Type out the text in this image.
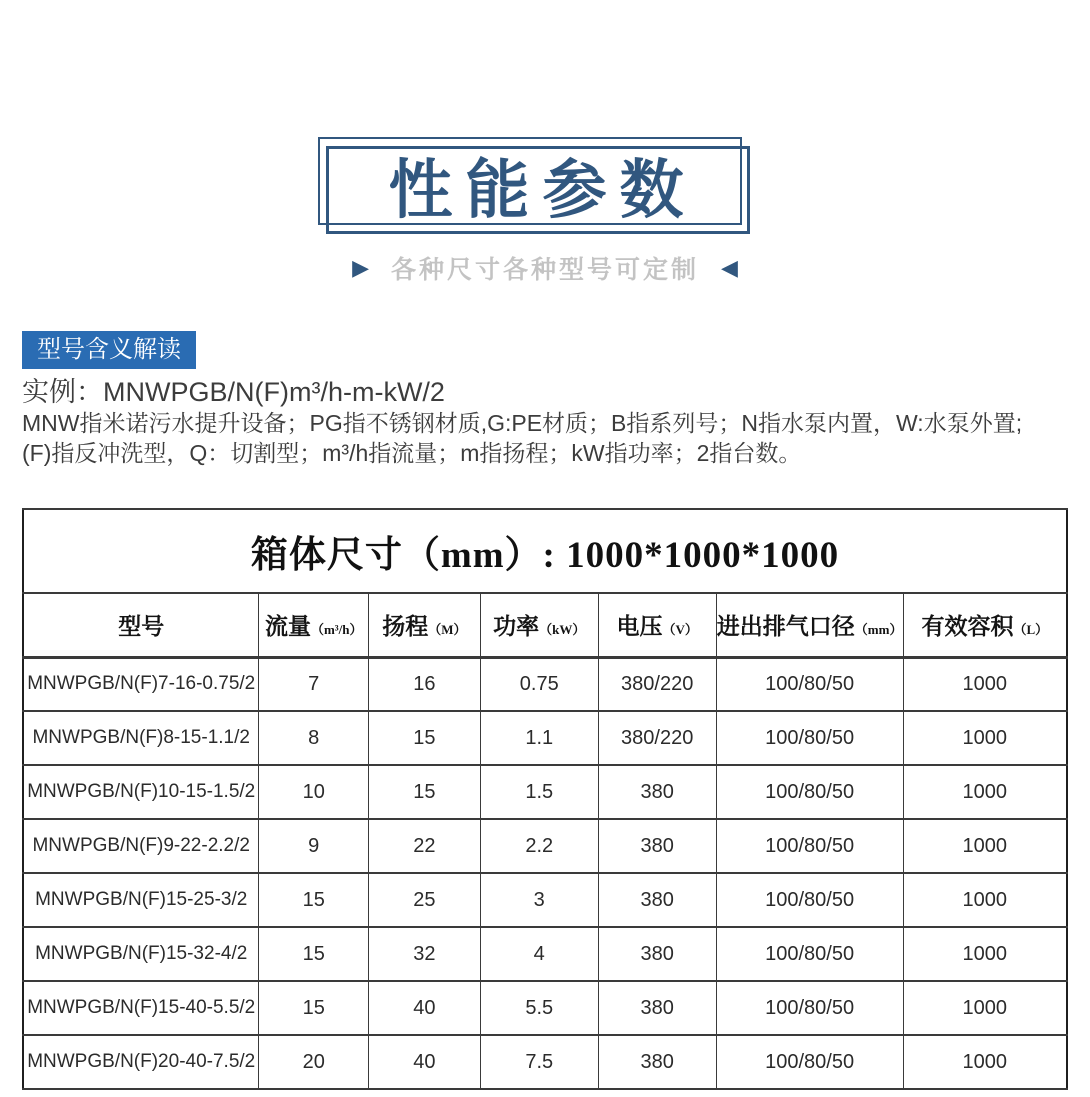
性能参数
▶ 各种尺寸各种型号可定制 ◀
型号含义解读
实例：MNWPGB/N(F)m³/h-m-kW/2
MNW指米诺污水提升设备；PG指不锈钢材质,G:PE材质；B指系列号；N指水泵内置，W:水泵外置;
(F)指反冲洗型，Q：切割型；m³/h指流量；m指扬程；kW指功率；2指台数。
箱体尺寸（mm）: 1000*1000*1000						
型号	流量（m³/h）	扬程（M）	功率（kW）	电压（V）	进出排气口径（mm）	有效容积（L）
MNWPGB/N(F)7-16-0.75/2	7	16	0.75	380/220	100/80/50	1000
MNWPGB/N(F)8-15-1.1/2	8	15	1.1	380/220	100/80/50	1000
MNWPGB/N(F)10-15-1.5/2	10	15	1.5	380	100/80/50	1000
MNWPGB/N(F)9-22-2.2/2	9	22	2.2	380	100/80/50	1000
MNWPGB/N(F)15-25-3/2	15	25	3	380	100/80/50	1000
MNWPGB/N(F)15-32-4/2	15	32	4	380	100/80/50	1000
MNWPGB/N(F)15-40-5.5/2	15	40	5.5	380	100/80/50	1000
MNWPGB/N(F)20-40-7.5/2	20	40	7.5	380	100/80/50	1000
